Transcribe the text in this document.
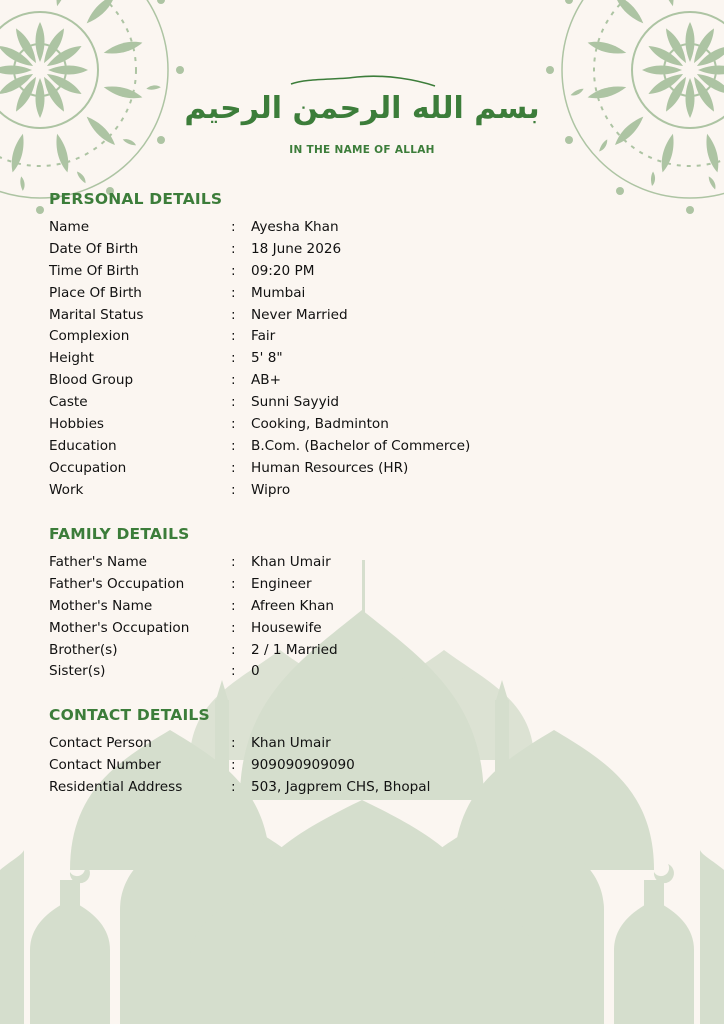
بسم الله الرحمن الرحيم
IN THE NAME OF ALLAH
PERSONAL DETAILS
Name	:	Ayesha Khan
Date Of Birth	:	18 June 2026
Time Of Birth	:	09:20 PM
Place Of Birth	:	Mumbai
Marital Status	:	Never Married
Complexion	:	Fair
Height	:	5' 8"
Blood Group	:	AB+
Caste	:	Sunni Sayyid
Hobbies	:	Cooking, Badminton
Education	:	B.Com. (Bachelor of Commerce)
Occupation	:	Human Resources (HR)
Work	:	Wipro
FAMILY DETAILS
Father's Name	:	Khan Umair
Father's Occupation	:	Engineer
Mother's Name	:	Afreen Khan
Mother's Occupation	:	Housewife
Brother(s)	:	2 / 1 Married
Sister(s)	:	0
CONTACT DETAILS
Contact Person	:	Khan Umair
Contact Number	:	909090909090
Residential Address	:	503, Jagprem CHS, Bhopal
